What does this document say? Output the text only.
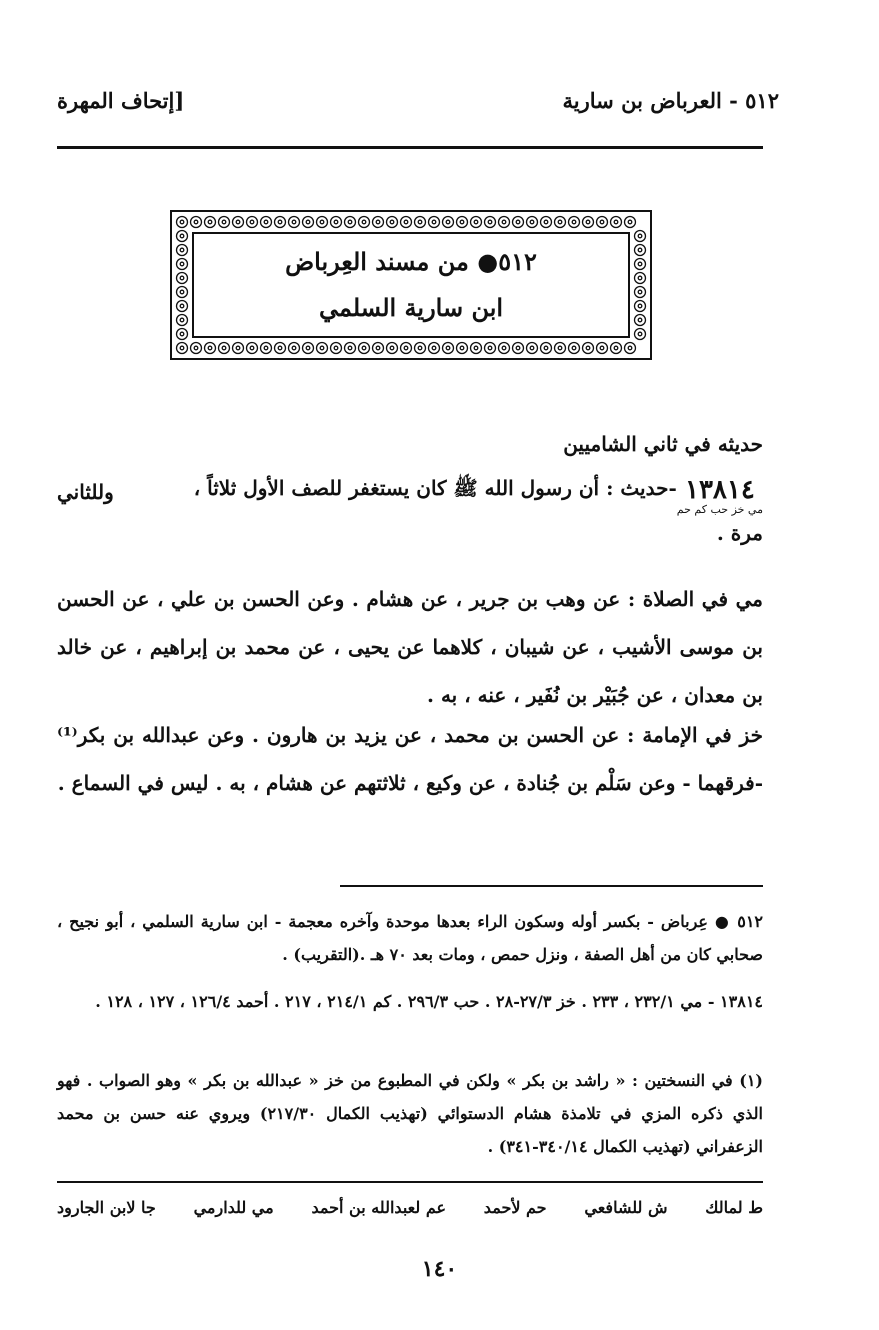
٥١٢ - العرباض بن سارية
[إتحاف المهرة
٥١٢● من مسند العِرباض
ابن سارية السلمي
حديثه في ثاني الشاميين
١٣٨١٤
مي خز حب كم حم
-حديث : أن رسول الله ﷺ كان يستغفر للصف الأول ثلاثاً ،
وللثاني
مرة .
مي في الصلاة : عن وهب بن جرير ، عن هشام . وعن الحسن بن علي ، عن الحسن بن موسى الأشيب ، عن شيبان ، كلاهما عن يحيى ، عن محمد بن إبراهيم ، عن خالد بن معدان ، عن جُبَيْر بن نُفَير ، عنه ، به .
خز في الإمامة : عن الحسن بن محمد ، عن يزيد بن هارون . وعن عبدالله بن بكر⁽¹⁾ -فرقهما - وعن سَلْم بن جُنادة ، عن وكيع ، ثلاثتهم عن هشام ، به . ليس في السماع .
٥١٢ ● عِرباض - بكسر أوله وسكون الراء بعدها موحدة وآخره معجمة - ابن سارية السلمي ، أبو نجيح ، صحابي كان من أهل الصفة ، ونزل حمص ، ومات بعد ٧٠ هـ .(التقريب) .
١٣٨١٤ - مي ٢٣٢/١ ، ٢٣٣ . خز ٢٧/٣-٢٨ . حب ٢٩٦/٣ . كم ٢١٤/١ ، ٢١٧ . أحمد ١٢٦/٤ ، ١٢٧ ، ١٢٨ .
(١) في النسختين : « راشد بن بكر » ولكن في المطبوع من خز « عبدالله بن بكر » وهو الصواب . فهو الذي ذكره المزي في تلامذة هشام الدستوائي (تهذيب الكمال ٢١٧/٣٠) ويروي عنه حسن بن محمد الزعفراني (تهذيب الكمال ٣٤٠/١٤-٣٤١) .
ط لمالك
ش للشافعي
حم لأحمد
عم لعبدالله بن أحمد
مي للدارمي
جا لابن الجارود
١٤٠
